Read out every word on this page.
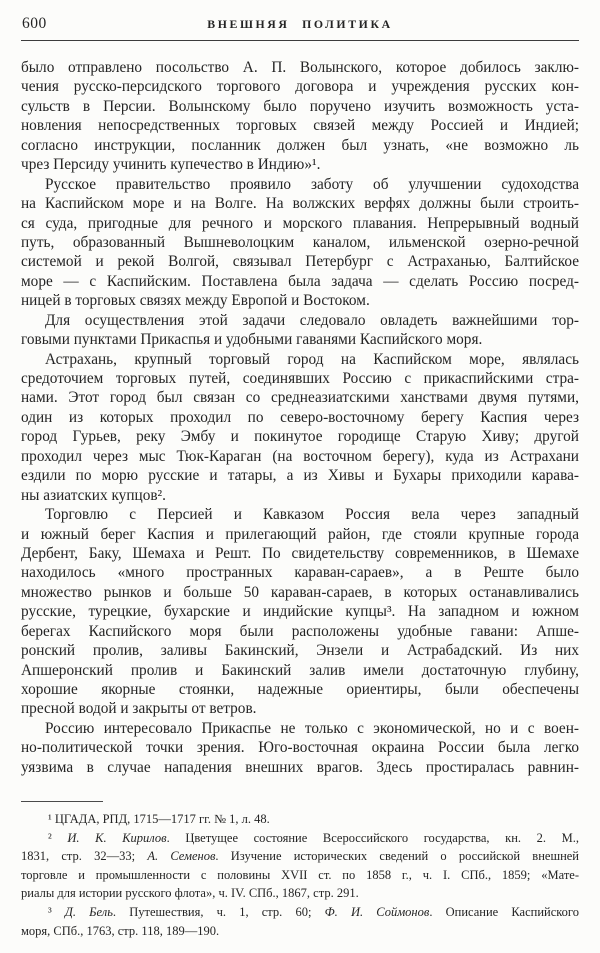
600	ВНЕШНЯЯ ПОЛИТИКА
было отправлено посольство А. П. Волынского, которое добилось заклю-
чения русско-персидского торгового договора и учреждения русских кон-
сульств в Персии. Волынскому было поручено изучить возможность уста-
новления непосредственных торговых связей между Россией и Индией;
согласно инструкции, посланник должен был узнать, «не возможно ль
чрез Персиду учинить купечество в Индию»¹.
Русское правительство проявило заботу об улучшении судоходства
на Каспийском море и на Волге. На волжских верфях должны были строить-
ся суда, пригодные для речного и морского плавания. Непрерывный водный
путь, образованный Вышневолоцким каналом, ильменской озерно-речной
системой и рекой Волгой, связывал Петербург с Астраханью, Балтийское
море — с Каспийским. Поставлена была задача — сделать Россию посред-
ницей в торговых связях между Европой и Востоком.
Для осуществления этой задачи следовало овладеть важнейшими тор-
говыми пунктами Прикаспья и удобными гаванями Каспийского моря.
Астрахань, крупный торговый город на Каспийском море, являлась
средоточием торговых путей, соединявших Россию с прикаспийскими стра-
нами. Этот город был связан со среднеазиатскими ханствами двумя путями,
один из которых проходил по северо-восточному берегу Каспия через
город Гурьев, реку Эмбу и покинутое городище Старую Хиву; другой
проходил через мыс Тюк-Караган (на восточном берегу), куда из Астрахани
ездили по морю русские и татары, а из Хивы и Бухары приходили карава-
ны азиатских купцов².
Торговлю с Персией и Кавказом Россия вела через западный
и южный берег Каспия и прилегающий район, где стояли крупные города
Дербент, Баку, Шемаха и Решт. По свидетельству современников, в Шемахе
находилось «много пространных караван-сараев», а в Реште было
множество рынков и больше 50 караван-сараев, в которых останавливались
русские, турецкие, бухарские и индийские купцы³. На западном и южном
берегах Каспийского моря были расположены удобные гавани: Апше-
ронский пролив, заливы Бакинский, Энзели и Астрабадский. Из них
Апшеронский пролив и Бакинский залив имели достаточную глубину,
хорошие якорные стоянки, надежные ориентиры, были обеспечены
пресной водой и закрыты от ветров.
Россию интересовало Прикаспье не только с экономической, но и с воен-
но-политической точки зрения. Юго-восточная окраина России была легко
уязвима в случае нападения внешних врагов. Здесь простиралась равнин-
¹ ЦГАДА, РПД, 1715—1717 гг. № 1, л. 48.
² И. К. Кирилов. Цветущее состояние Всероссийского государства, кн. 2. М.,
1831, стр. 32—33; А. Семенов. Изучение исторических сведений о российской внешней
торговле и промышленности с половины XVII ст. по 1858 г., ч. I. СПб., 1859; «Мате-
риалы для истории русского флота», ч. IV. СПб., 1867, стр. 291.
³ Д. Бель. Путешествия, ч. 1, стр. 60; Ф. И. Соймонов. Описание Каспийского
моря, СПб., 1763, стр. 118, 189—190.
